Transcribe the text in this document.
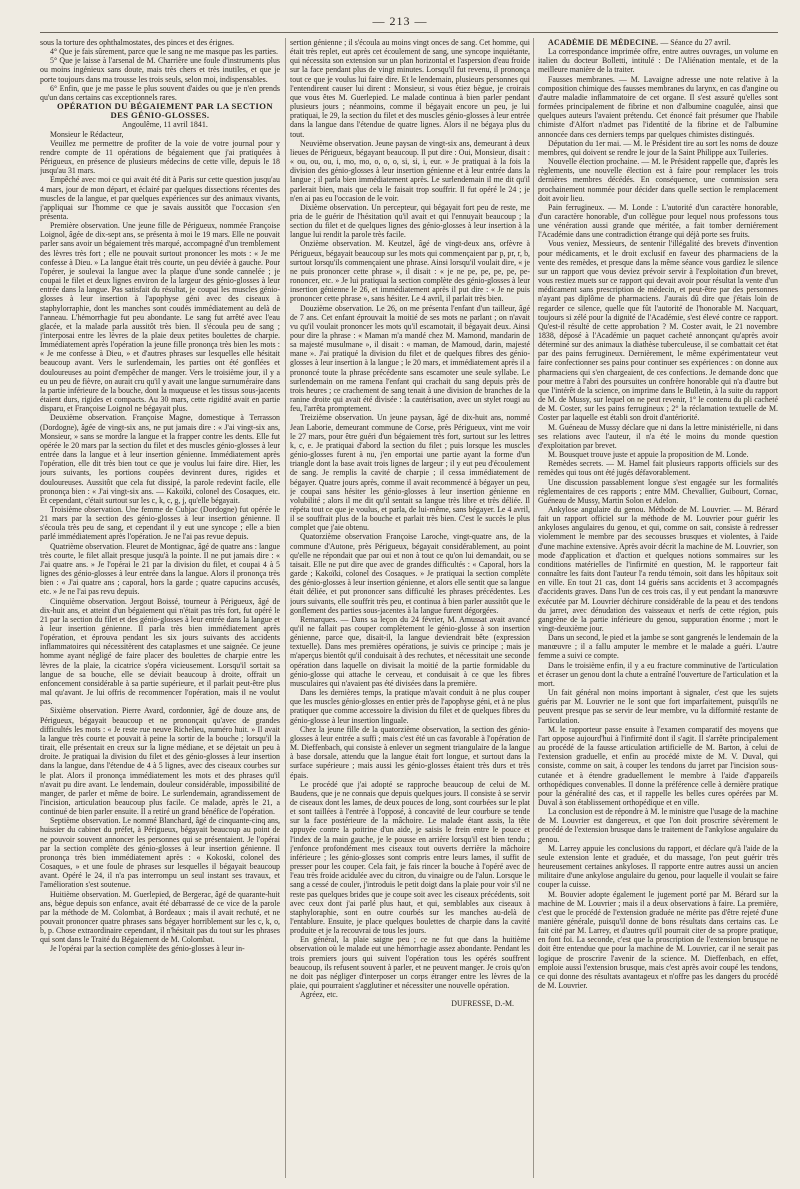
— 213 —

sous la torture des ophthalmostates, des pinces et des érignes.

4° Que je fais sûrement, parce que le sang ne me masque pas les parties.

5° Que je laisse à l'arsenal de M. Charrière une foule d'instruments plus ou moins ingénieux sans doute, mais très chers et très inutiles, et que je porte toujours dans ma trousse les trois seuls, selon moi, indispensables.

6° Enfin, que je me passe le plus souvent d'aides ou que je n'en prends qu'un dans certains cas exceptionnels rares.

OPÉRATION DU BÉGAIEMENT PAR LA SECTION DES GÉNIO-GLOSSES.

Angoulême, 11 avril 1841.

Monsieur le Rédacteur,

Veuillez me permettre de profiter de la voie de votre journal pour y rendre compte de 11 opérations de bégaiement que j'ai pratiquées à Périgueux, en présence de plusieurs médecins de cette ville, depuis le 18 jusqu'au 31 mars.

Empêché avec moi ce qui avait été dit à Paris sur cette question jusqu'au 4 mars, jour de mon départ, et éclairé par quelques dissections récentes des muscles de la langue, et par quelques expériences sur des animaux vivants, j'appliquai sur l'homme ce que je savais aussitôt que l'occasion s'en présenta.

Première observation. Une jeune fille de Périgueux, nommée Françoise Loignol, âgée de dix-sept ans, se présenta à moi le 19 mars. Elle ne pouvait parler sans avoir un bégaiement très marqué, accompagné d'un tremblement des lèvres très fort ; elle ne pouvait surtout prononcer les mots : « Je me confesse à Dieu. » La langue était très courte, un peu déviée à gauche. Pour l'opérer, je soulevai la langue avec la plaque d'une sonde cannelée ; je coupai le filet et deux lignes environ de la largeur des génio-glosses à leur entrée dans la langue. Pas satisfait du résultat, je coupai les muscles génio-glosses à leur insertion à l'apophyse géni avec des ciseaux à staphylorraphie, dont les manches sont coudés immédiatement au delà de l'anneau. L'hémorrhagie fut peu abondante. Le sang fut arrêté avec l'eau glacée, et la malade parla aussitôt très bien. Il s'écoula peu de sang ; j'interposai entre les lèvres de la plaie deux petites boulettes de charpie. Immédiatement après l'opération la jeune fille prononça très bien les mots : « Je me confesse à Dieu, » et d'autres phrases sur lesquelles elle hésitait beaucoup avant. Vers le surlendemain, les parties ont été gonflées et douloureuses au point d'empêcher de manger. Vers le troisième jour, il y a eu un peu de fièvre, on aurait cru qu'il y avait une langue surnuméraire dans la partie inférieure de la bouche, dont la muqueuse et les tissus sous-jacents étaient durs, rigides et compacts. Au 30 mars, cette rigidité avait en partie disparu, et Françoise Loignol ne bégayait plus.

Deuxième observation. Françoise Magne, domestique à Terrasson (Dordogne), âgée de vingt-six ans, ne put jamais dire : « J'ai vingt-six ans, Monsieur, » sans se mordre la langue et la frapper contre les dents. Elle fut opérée le 20 mars par la section du filet et des muscles génio-glosses à leur entrée dans la langue et à leur insertion génienne. Immédiatement après l'opération, elle dit très bien tout ce que je voulus lui faire dire. Hier, les jours suivants, les portions coupées devinrent dures, rigides et douloureuses. Aussitôt que cela fut dissipé, la parole redevint facile, elle prononça bien : « J'ai vingt-six ans. — Kakoïki, colonel des Cosaques, etc. Et cependant, c'était surtout sur les c, k, c, g, j, qu'elle bégayait.

Troisième observation. Une femme de Cubjac (Dordogne) fut opérée le 21 mars par la section des génio-glosses à leur insertion génienne. Il s'écoula très peu de sang, et cependant il y eut une syncope ; elle a bien parlé immédiatement après l'opération. Je ne l'ai pas revue depuis.

Quatrième observation. Fleuret de Montignac, âgé de quatre ans : langue très courte, le filet allait presque jusqu'à la pointe. Il ne put jamais dire : « J'ai quatre ans. » Je l'opérai le 21 par la division du filet, et coupai 4 à 5 lignes des génio-glosses à leur entrée dans la langue. Alors il prononça très bien : « J'ai quatre ans ; caporal, hors la garde ; quatre capucins accusés, etc. » Je ne l'ai pas revu depuis.

Cinquième observation. Jergout Boissé, tourneur à Périgueux, âgé de dix-huit ans, et atteint d'un bégaiement qui n'était pas très fort, fut opéré le 21 par la section du filet et des génio-glosses à leur entrée dans la langue et à leur insertion génienne. Il parla très bien immédiatement après l'opération, et éprouva pendant les six jours suivants des accidents inflammatoires qui nécessitèrent des cataplasmes et une saignée. Ce jeune homme ayant négligé de faire placer des boulettes de charpie entre les lèvres de la plaie, la cicatrice s'opéra vicieusement. Lorsqu'il sortait sa langue de sa bouche, elle se déviait beaucoup à droite, offrait un enfoncement considérable à sa partie supérieure, et il parlait peut-être plus mal qu'avant. Je lui offris de recommencer l'opération, mais il ne voulut pas.

Sixième observation. Pierre Avard, cordonnier, âgé de douze ans, de Périgueux, bégayait beaucoup et ne prononçait qu'avec de grandes difficultés les mots : « Je reste rue neuve Richelieu, numéro huit. » Il avait la langue très courte et pouvait à peine la sortir de la bouche ; lorsqu'il la tirait, elle présentait en creux sur la ligne médiane, et se déjetait un peu à droite. Je pratiquai la division du filet et des génio-glosses à leur insertion dans la langue, dans l'étendue de 4 à 5 lignes, avec des ciseaux courbes sur le plat. Alors il prononça immédiatement les mots et des phrases qu'il n'avait pu dire avant. Le lendemain, douleur considérable, impossibilité de manger, de parler et même de boire. Le surlendemain, agrandissement de l'incision, articulation beaucoup plus facile. Ce malade, après le 21, a continué de bien parler ensuite. Il a retiré un grand bénéfice de l'opération.

Septième observation. Le nommé Blanchard, âgé de cinquante-cinq ans, huissier du cabinet du préfet, à Périgueux, bégayait beaucoup au point de ne pouvoir souvent annoncer les personnes qui se présentaient. Je l'opérai par la section complète des génio-glosses à leur insertion génienne. Il prononça très bien immédiatement après : « Kokoski, colonel des Cosaques, » et une foule de phrases sur lesquelles il bégayait beaucoup avant. Opéré le 24, il n'a pas interrompu un seul instant ses travaux, et l'amélioration s'est soutenue.

Huitième observation. M. Guerlepied, de Bergerac, âgé de quarante-huit ans, bègue depuis son enfance, avait été débarrassé de ce vice de la parole par la méthode de M. Colombat, à Bordeaux ; mais il avait rechuté, et ne pouvait prononcer quatre phrases sans bégayer horriblement sur les c, k, o, b, p. Chose extraordinaire cependant, il n'hésitait pas du tout sur les phrases qui sont dans le Traité du Bégaiement de M. Colombat.

Je l'opérai par la section complète des génio-glosses à leur in-

sertion génienne ; il s'écoula au moins vingt onces de sang. Cet homme, qui était très replet, eut après cet écoulement de sang, une syncope inquiétante, qui nécessita son extension sur un plan horizontal et l'aspersion d'eau froide sur la face pendant plus de vingt minutes. Lorsqu'il fut revenu, il prononça tout ce que je voulus lui faire dire. Et le lendemain, plusieurs personnes qui l'entendirent causer lui dirent : Monsieur, si vous étiez bègue, je croirais que vous êtes M. Guerlepied. Le malade continua à bien parler pendant plusieurs jours ; néanmoins, comme il bégayait encore un peu, je lui pratiquai, le 29, la section du filet et des muscles génio-glosses à leur entrée dans la langue dans l'étendue de quatre lignes. Alors il ne bégaya plus du tout.

Neuvième observation. Jeune paysan de vingt-six ans, demeurant à deux lieues de Périgueux, bégayant beaucoup. Il put dire : Oui, Monsieur, disait : « ou, ou, ou, i, mo, mo, o, o, o, si, si, i, eur. » Je pratiquai à la fois la division des génio-glosses à leur insertion génienne et à leur entrée dans la langue ; il parla bien immédiatement après. Le surlendemain il me dit qu'il parlerait bien, mais que cela le faisait trop souffrir. Il fut opéré le 24 ; je n'en ai pas eu l'occasion de le voir.

Dixième observation. Un percepteur, qui bégayait fort peu de reste, me pria de le guérir de l'hésitation qu'il avait et qui l'ennuyait beaucoup ; la section du filet et de quelques lignes des génio-glosses à leur insertion à la langue lui rendit la parole très facile.

Onzième observation. M. Keutzel, âgé de vingt-deux ans, orfèvre à Périgueux, bégayait beaucoup sur les mots qui commençaient par p, pr, r, b, surtout lorsqu'ils commençaient une phrase. Ainsi lorsqu'il voulait dire, « je ne puis prononcer cette phrase », il disait : « je ne pe, pe, pe, pe, pe-rononcer, etc. » Je lui pratiquai la section complète des génio-glosses à leur insertion génienne le 26, et immédiatement après il put dire : « Je ne puis prononcer cette phrase », sans hésiter. Le 4 avril, il parlait très bien.

Douzième observation. Le 26, on me présenta l'enfant d'un tailleur, âgé de 7 ans. Cet enfant éprouvait la moitié de ses mots ne parlant ; on n'avait vu qu'il voulait prononcer les mots qu'il escamotait, il bégayait deux. Ainsi pour dire la phrase : « Maman m'a mandé chez M. Mamond, mandarin de sa majesté musulmane », il disait : « maman, de Mamoud, darin, majesté mane ». J'ai pratiqué la division du filet et de quelques fibres des génio-glosses à leur insertion à la langue ; le 20 mars, et immédiatement après il a prononcé toute la phrase précédente sans escamoter une seule syllabe. Le surlendemain on me ramena l'enfant qui crachait du sang depuis près de trois heures ; ce crachement de sang tenait à une division de branches de la ranine droite qui avait été divisée : la cautérisation, avec un stylet rougi au feu, l'arrêta promptement.

Treizième observation. Un jeune paysan, âgé de dix-huit ans, nommé Jean Laborie, demeurant commune de Corse, près Périgueux, vint me voir le 27 mars, pour être guéri d'un bégaiement très fort, surtout sur les lettres k, c, e. Je pratiquai d'abord la section du filet ; puis lorsque les muscles génio-glosses furent à nu, j'en emportai une partie ayant la forme d'un triangle dont la base avait trois lignes de largeur ; il y eut peu d'écoulement de sang. Je remplis la cavité de charpie ; il cessa immédiatement de bégayer. Quatre jours après, comme il avait recommencé à bégayer un peu, je coupai sans hésiter les génio-glosses à leur insertion génienne en volubilité ; alors il me dit qu'il sentait sa langue très libre et très déliée. Il répéta tout ce que je voulus, et parla, de lui-même, sans bégayer. Le 4 avril, il se souffrait plus de la bouche et parlait très bien. C'est le succès le plus complet que j'aie obtenu.

Quatorzième observation Françoise Laroche, vingt-quatre ans, de la commune d'Autone, près Périgueux, bégayait considérablement, au point qu'elle ne répondait que par oui et non à tout ce qu'on lui demandait, ou se taisait. Elle ne put dire que avec de grandes difficultés : « Caporal, hors la garde ; Kakoïki, colonel des Cosaques. » Je pratiquai la section complète des génio-glosses à leur insertion génienne, et alors elle sentit que sa langue était déliée, et put prononcer sans difficulté les phrases précédentes. Les jours suivants, elle souffrit très peu, et continua à bien parler aussitôt que le gonflement des parties sous-jacentes à la langue furent dégorgées.

Remarques. — Dans sa leçon du 24 février, M. Amussat avait avancé qu'il ne fallait pas couper complètement le génio-glosse à son insertion génienne, parce que, disait-il, la langue deviendrait bête (expression textuelle). Dans mes premières opérations, je suivis ce principe ; mais je m'aperçus bientôt qu'il conduisait à des rechutes, et nécessitait une seconde opération dans laquelle on divisait la moitié de la partie formidable du génio-glosse qui attache le cerveau, et conduisait à ce que les fibres musculaires qui n'avaient pas été divisées dans la première.

Dans les dernières temps, la pratique m'avait conduit à ne plus couper que les muscles génio-glosses en entier près de l'apophyse géni, et à ne plus pratiquer que comme accessoire la division du filet et de quelques fibres du génio-glosse à leur insertion linguale.

Chez la jeune fille de la quatorzième observation, la section des génio-glosses à leur entrée a suffi ; mais c'est été un cas favorable à l'opération de M. Dieffenbach, qui consiste à enlever un segment triangulaire de la langue à base dorsale, attendu que la langue était fort longue, et surtout dans la surface supérieure ; mais aussi les génio-glosses étaient très durs et très épais.

Le procédé que j'ai adopté se rapproche beaucoup de celui de M. Baudens, que je ne connais que depuis quelques jours. Il consiste à se servir de ciseaux dont les lames, de deux pouces de long, sont courbées sur le plat et sont taillées à l'entrée à l'opposé, à concavité de leur courbure se tende sur la face postérieure de la mâchoire. Le malade étant assis, la tête appuyée contre la poitrine d'un aide, je saisis le frein entre le pouce et l'index de la main gauche, je le pousse en arrière lorsqu'il est bien tendu ; j'enfonce profondément mes ciseaux tout ouverts derrière la mâchoire inférieure ; les génio-glosses sont compris entre leurs lames, il suffit de presser pour les couper. Cela fait, je fais rincer la bouche à l'opéré avec de l'eau très froide acidulée avec du citron, du vinaigre ou de l'alun. Lorsque le sang a cessé de couler, j'introduis le petit doigt dans la plaie pour voir s'il ne reste pas quelques brides que je coupe soit avec les ciseaux précédents, soit avec ceux dont j'ai parlé plus haut, et qui, semblables aux ciseaux à staphyloraphie, sont en outre courbés sur les manches au-delà de l'entablure. Ensuite, je place quelques boulettes de charpie dans la cavité produite et je la recouvrai de tous les jours.

En général, la plaie saigne peu ; ce ne fut que dans la huitième observation où le malade eut une hémorrhagie assez abondante. Pendant les trois premiers jours qui suivent l'opération tous les opérés souffrent beaucoup, ils refusent souvent à parler, et ne peuvent manger. Je crois qu'on ne doit pas négliger d'interposer un corps étranger entre les lèvres de la plaie, qui pourraient s'agglutiner et nécessiter une nouvelle opération.

Agréez, etc.

DUFRESSE, D.-M.

ACADÉMIE DE MÉDECINE. — Séance du 27 avril.

La correspondance imprimée offre, entre autres ouvrages, un volume en italien du docteur Bolletti, intitulé : De l'Aliénation mentale, et de la meilleure manière de la traiter.

Fausses membranes. — M. Lavaigne adresse une note relative à la composition chimique des fausses membranes du larynx, en cas d'angine ou d'autre maladie inflammatoire de cet organe. Il s'est assuré qu'elles sont formées principalement de fibrine et non d'albumine coagulée, ainsi que quelques auteurs l'avaient prétendu. Cet énoncé fait présumer que l'habile chimiste d'Alfort n'admet pas l'identité de la fibrine et de l'albumine annoncée dans ces derniers temps par quelques chimistes distingués.

Députation du 1er mai. — M. le Président tire au sort les noms de douze membres, qui doivent se rendre le jour de la Saint Philippe aux Tuileries.

Nouvelle élection prochaine. — M. le Président rappelle que, d'après les règlements, une nouvelle élection est à faire pour remplacer les trois dernières membres décédés. En conséquence, une commission sera prochainement nommée pour décider dans quelle section le remplacement doit avoir lieu.

Pain ferrugineux. — M. Londe : L'autorité d'un caractère honorable, d'un caractère honorable, d'un collègue pour lequel nous professons tous une vénération aussi grande que méritée, a fait tomber derniérement l'Académie dans une contradiction étrange qui déjà porte ses fruits.

Vous veniez, Messieurs, de sentenir l'illégalité des brevets d'invention pour médicaments, et le droit exclusif en faveur des pharmaciens de la vente des remèdes, et presque dans la même séance vous gardiez le silence sur un rapport que vous deviez prévoir servir à l'exploitation d'un brevet, vous restiez muets sur ce rapport qui devait avoir pour résultat la vente d'un médicament sans prescription de médecin, et peut-être par des personnes n'ayant pas diplôme de pharmaciens. J'aurais dû dire que j'étais loin de regarder ce silence, quelle que fût l'autorité de l'honorable M. Nacquart, toujours si zélé pour la dignité de l'Académie, s'est élevé contre ce rapport. Qu'est-il résulté de cette approbation ? M. Coster avait, le 21 novembre 1838, déposé à l'Académie un paquet cacheté annonçant qu'après avoir déterminé sur des animaux la diathèse tuberculeuse, il se combattait cet état par des pains ferrugineux. Dernièrement, le même expérimentateur veut faire confectionner ses pains pour continuer ses expériences : on donne aux pharmaciens qui s'en chargeaient, de ces confections. Je demande donc que pour mettre à l'abri des poursuites un confrère honorable qui n'a d'autre but que l'intérêt de la science, on imprime dans le Bulletin, à la suite du rapport de M. de Mussy, sur lequel on ne peut revenir, 1° le contenu du pli cacheté de M. Coster, sur les pains ferrugineux ; 2° la réclamation textuelle de M. Coster par laquelle est établi son droit d'antériorité.

M. Guéneau de Mussy déclare que ni dans la lettre ministérielle, ni dans ses relations avec l'auteur, il n'a été le moins du monde question d'exploitation par brevet.

M. Bousquet trouve juste et appuie la proposition de M. Londe.

Remèdes secrets. — M. Hamel fait plusieurs rapports officiels sur des remèdes qui tous ont été jugés défavorablement.

Une discussion passablement longue s'est engagée sur les formalités réglementaires de ces rapports ; entre MM. Chevallier, Guibourt, Cornac, Guéneau de Mussy, Martin Solon et Adelon.

Ankylose angulaire du genou. Méthode de M. Louvrier. — M. Bérard fait un rapport officiel sur la méthode de M. Louvrier pour guérir les ankyloses angulaires du genou, et qui, comme on sait, consiste à redresser violemment le membre par des secousses brusques et violentes, à l'aide d'une machine extensive. Après avoir décrit la machine de M. Louvrier, son mode d'application et d'action et quelques notions sommaires sur les conditions matérielles de l'infirmité en question, M. le rapporteur fait connaître les faits dont l'auteur l'a rendu témoin, soit dans les hôpitaux soit en ville. En tout 21 cas, dont 14 guéris sans accidents et 3 accompagnés d'accidents graves. Dans l'un de ces trois cas, il y eut pendant la manœuvre exécutée par M. Louvrier déchirure considérable de la peau et des tendons du jarret, avec dénudation des vaisseaux et nerfs de cette région, puis gangrène de la partie inférieure du genou, suppuration énorme ; mort le vingt-deuxième jour.

Dans un second, le pied et la jambe se sont gangrenés le lendemain de la manœuvre ; il a fallu amputer le membre et le malade a guéri. L'autre femme a suivi ce compte.

Dans le troisième enfin, il y a eu fracture comminutive de l'articulation et écraser un genou dont la chute a entraîné l'ouverture de l'articulation et la mort.

Un fait général non moins important à signaler, c'est que les sujets guéris par M. Louvrier ne le sont que fort imparfaitement, puisqu'ils ne peuvent presque pas se servir de leur membre, vu la difformité restante de l'articulation.

M. le rapporteur passe ensuite à l'examen comparatif des moyens que l'art oppose aujourd'hui à l'infirmité dont il s'agit. Il s'arrête principalement au procédé de la fausse articulation artificielle de M. Barton, à celui de l'extension graduelle, et enfin au procédé mixte de M. V. Duval, qui consiste, comme on sait, à couper les tendons du jarret par l'incision sous-cutanée et à étendre graduellement le membre à l'aide d'appareils orthopédiques convenables. Il donne la préférence celle à dernière pratique pour la généralité des cas, et il rappelle les belles cures opérées par M. Duval à son établissement orthopédique et en ville.

La conclusion est de répondre à M. le ministre que l'usage de la machine de M. Louvrier est dangereux, et que l'on doit proscrire sévèrement le procédé de l'extension brusque dans le traitement de l'ankylose angulaire du genou.

M. Larrey appuie les conclusions du rapport, et déclare qu'à l'aide de la seule extension lente et graduée, et du massage, l'on peut guérir très heureusement certaines ankyloses. Il rapporte entre autres aussi un ancien militaire d'une ankylose angulaire du genou, pour laquelle il voulait se faire couper la cuisse.

M. Bouvier adopte également le jugement porté par M. Bérard sur la machine de M. Louvrier ; mais il a deux observations à faire. La première, c'est que le procédé de l'extension graduée ne mérite pas d'être rejeté d'une manière générale, puisqu'il donne de bons résultats dans certains cas. Le fait cité par M. Larrey, et d'autres qu'il pourrait citer de sa propre pratique, en font foi. La seconde, c'est que la proscription de l'extension brusque ne doit être entendue que pour la machine de M. Louvrier, car il ne serait pas logique de proscrire l'avenir de la science. M. Dieffenbach, en effet, emploie aussi l'extension brusque, mais c'est après avoir coupé les tendons, ce qui donne des résultats avantageux et n'offre pas les dangers du procédé de M. Louvrier.
